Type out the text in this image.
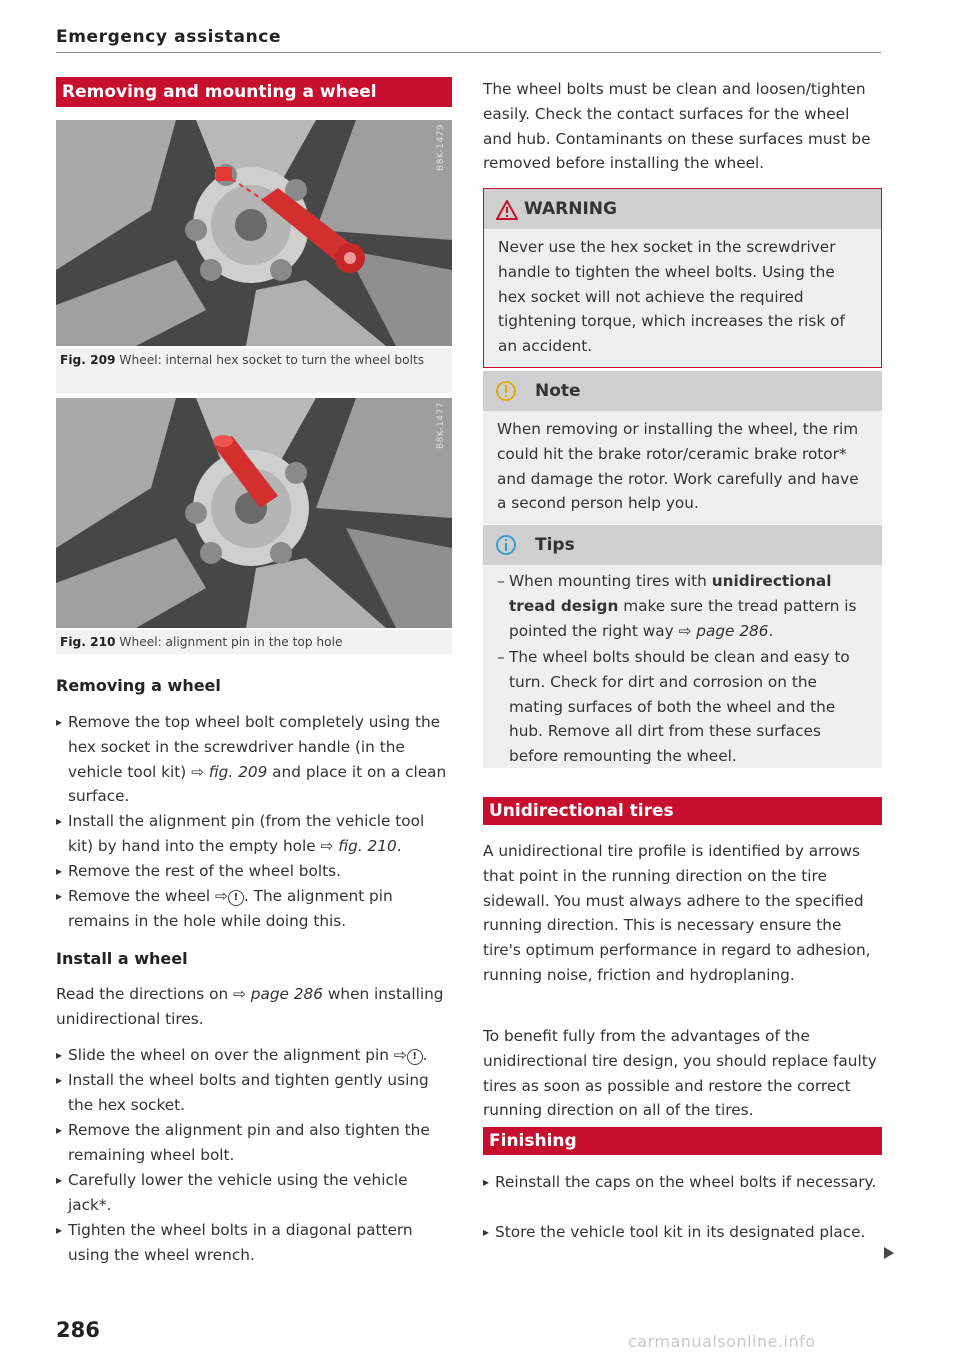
Emergency assistance
Removing and mounting a wheel
B8K-1479
Fig. 209 Wheel: internal hex socket to turn the wheel bolts
B8K-1477
Fig. 210 Wheel: alignment pin in the top hole
Removing a wheel
▸ Remove the top wheel bolt completely using the hex socket in the screwdriver handle (in the vehicle tool kit) ⇨ fig. 209 and place it on a clean surface.
▸ Install the alignment pin (from the vehicle tool kit) by hand into the empty hole ⇨ fig. 210.
▸ Remove the rest of the wheel bolts.
▸ Remove the wheel ⇨ ! . The alignment pin remains in the hole while doing this.
Install a wheel
Read the directions on ⇨ page 286 when installing unidirectional tires.
▸ Slide the wheel on over the alignment pin ⇨ ! .
▸ Install the wheel bolts and tighten gently using the hex socket.
▸ Remove the alignment pin and also tighten the remaining wheel bolt.
▸ Carefully lower the vehicle using the vehicle jack*.
▸ Tighten the wheel bolts in a diagonal pattern using the wheel wrench.
286
The wheel bolts must be clean and loosen/tighten easily. Check the contact surfaces for the wheel and hub. Contaminants on these surfaces must be removed before installing the wheel.
WARNING
Never use the hex socket in the screwdriver handle to tighten the wheel bolts. Using the hex socket will not achieve the required tightening torque, which increases the risk of an accident.
Note
When removing or installing the wheel, the rim could hit the brake rotor/ceramic brake rotor* and damage the rotor. Work carefully and have a second person help you.
Tips
– When mounting tires with unidirectional tread design make sure the tread pattern is pointed the right way ⇨ page 286.
– The wheel bolts should be clean and easy to turn. Check for dirt and corrosion on the mating surfaces of both the wheel and the hub. Remove all dirt from these surfaces before remounting the wheel.
Unidirectional tires
A unidirectional tire profile is identified by arrows that point in the running direction on the tire sidewall. You must always adhere to the specified running direction. This is necessary ensure the tire's optimum performance in regard to adhesion, running noise, friction and hydroplaning.
To benefit fully from the advantages of the unidirectional tire design, you should replace faulty tires as soon as possible and restore the correct running direction on all of the tires.
Finishing
▸ Reinstall the caps on the wheel bolts if necessary.
▸ Store the vehicle tool kit in its designated place.
carmanualsonline.info
